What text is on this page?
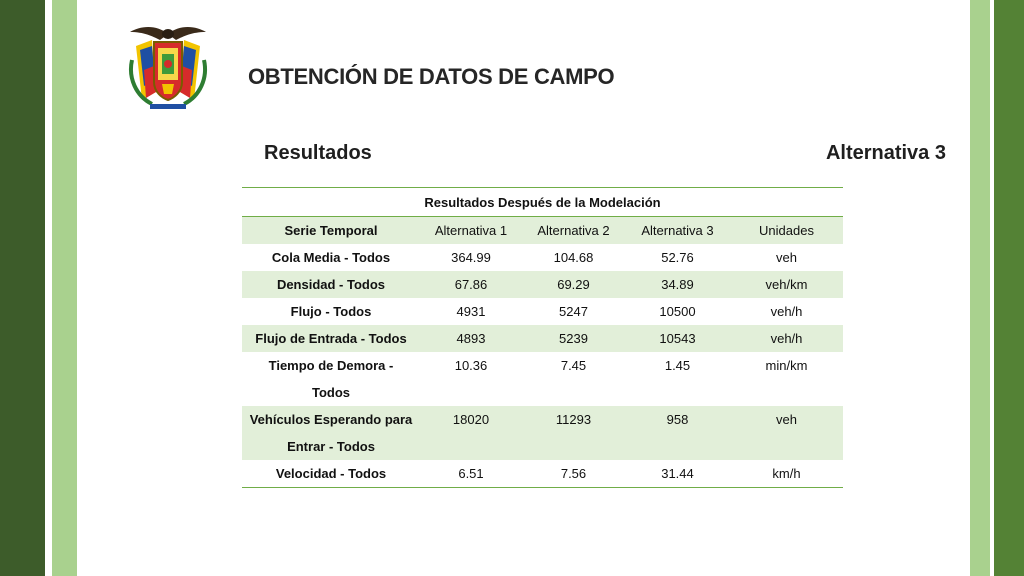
OBTENCIÓN DE DATOS DE CAMPO
Resultados	Alternativa 3
Resultados Después de la Modelación				
Serie Temporal	Alternativa 1	Alternativa 2	Alternativa 3	Unidades
Cola Media - Todos	364.99	104.68	52.76	veh
Densidad - Todos	67.86	69.29	34.89	veh/km
Flujo - Todos	4931	5247	10500	veh/h
Flujo de Entrada - Todos	4893	5239	10543	veh/h

Tiempo de Demora -
Todos	10.36	7.45	1.45	min/km

Vehículos Esperando para
Entrar - Todos	18020	11293	958	veh
Velocidad - Todos	6.51	7.56	31.44	km/h
